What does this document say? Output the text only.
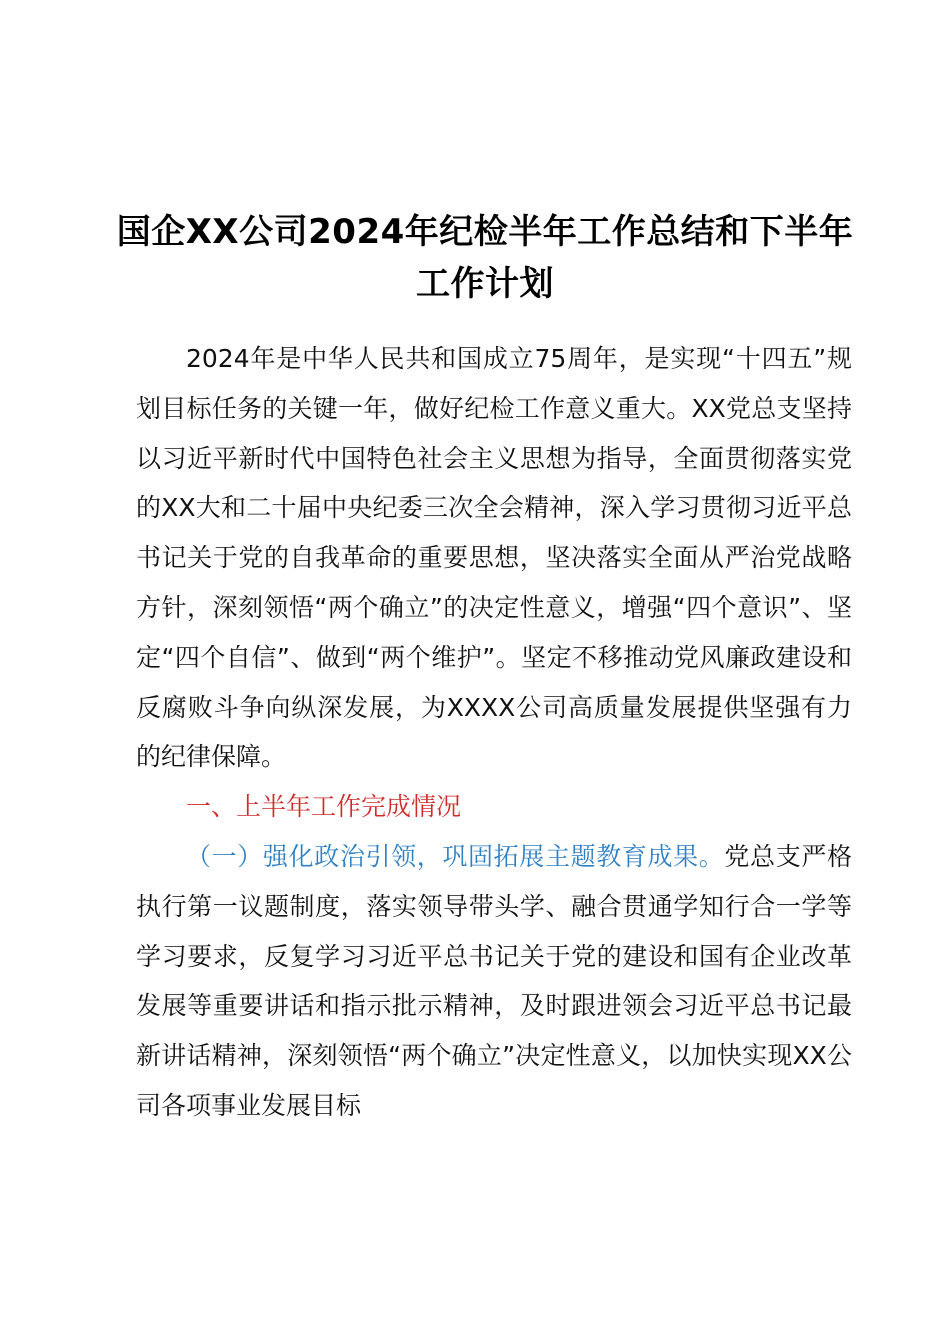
国企XX公司2024年纪检半年工作总结和下半年工作计划

2024年是中华人民共和国成立75周年，是实现“十四五”规划目标任务的关键一年，做好纪检工作意义重大。XX党总支坚持以习近平新时代中国特色社会主义思想为指导，全面贯彻落实党的XX大和二十届中央纪委三次全会精神，深入学习贯彻习近平总书记关于党的自我革命的重要思想，坚决落实全面从严治党战略方针，深刻领悟“两个确立”的决定性意义，增强“四个意识”、坚定“四个自信”、做到“两个维护”。坚定不移推动党风廉政建设和反腐败斗争向纵深发展，为XXXX公司高质量发展提供坚强有力的纪律保障。

一、上半年工作完成情况

（一）强化政治引领，巩固拓展主题教育成果。党总支严格执行第一议题制度，落实领导带头学、融合贯通学知行合一学等学习要求，反复学习习近平总书记关于党的建设和国有企业改革发展等重要讲话和指示批示精神，及时跟进领会习近平总书记最新讲话精神，深刻领悟“两个确立”决定性意义，以加快实现XX公司各项事业发展目标
